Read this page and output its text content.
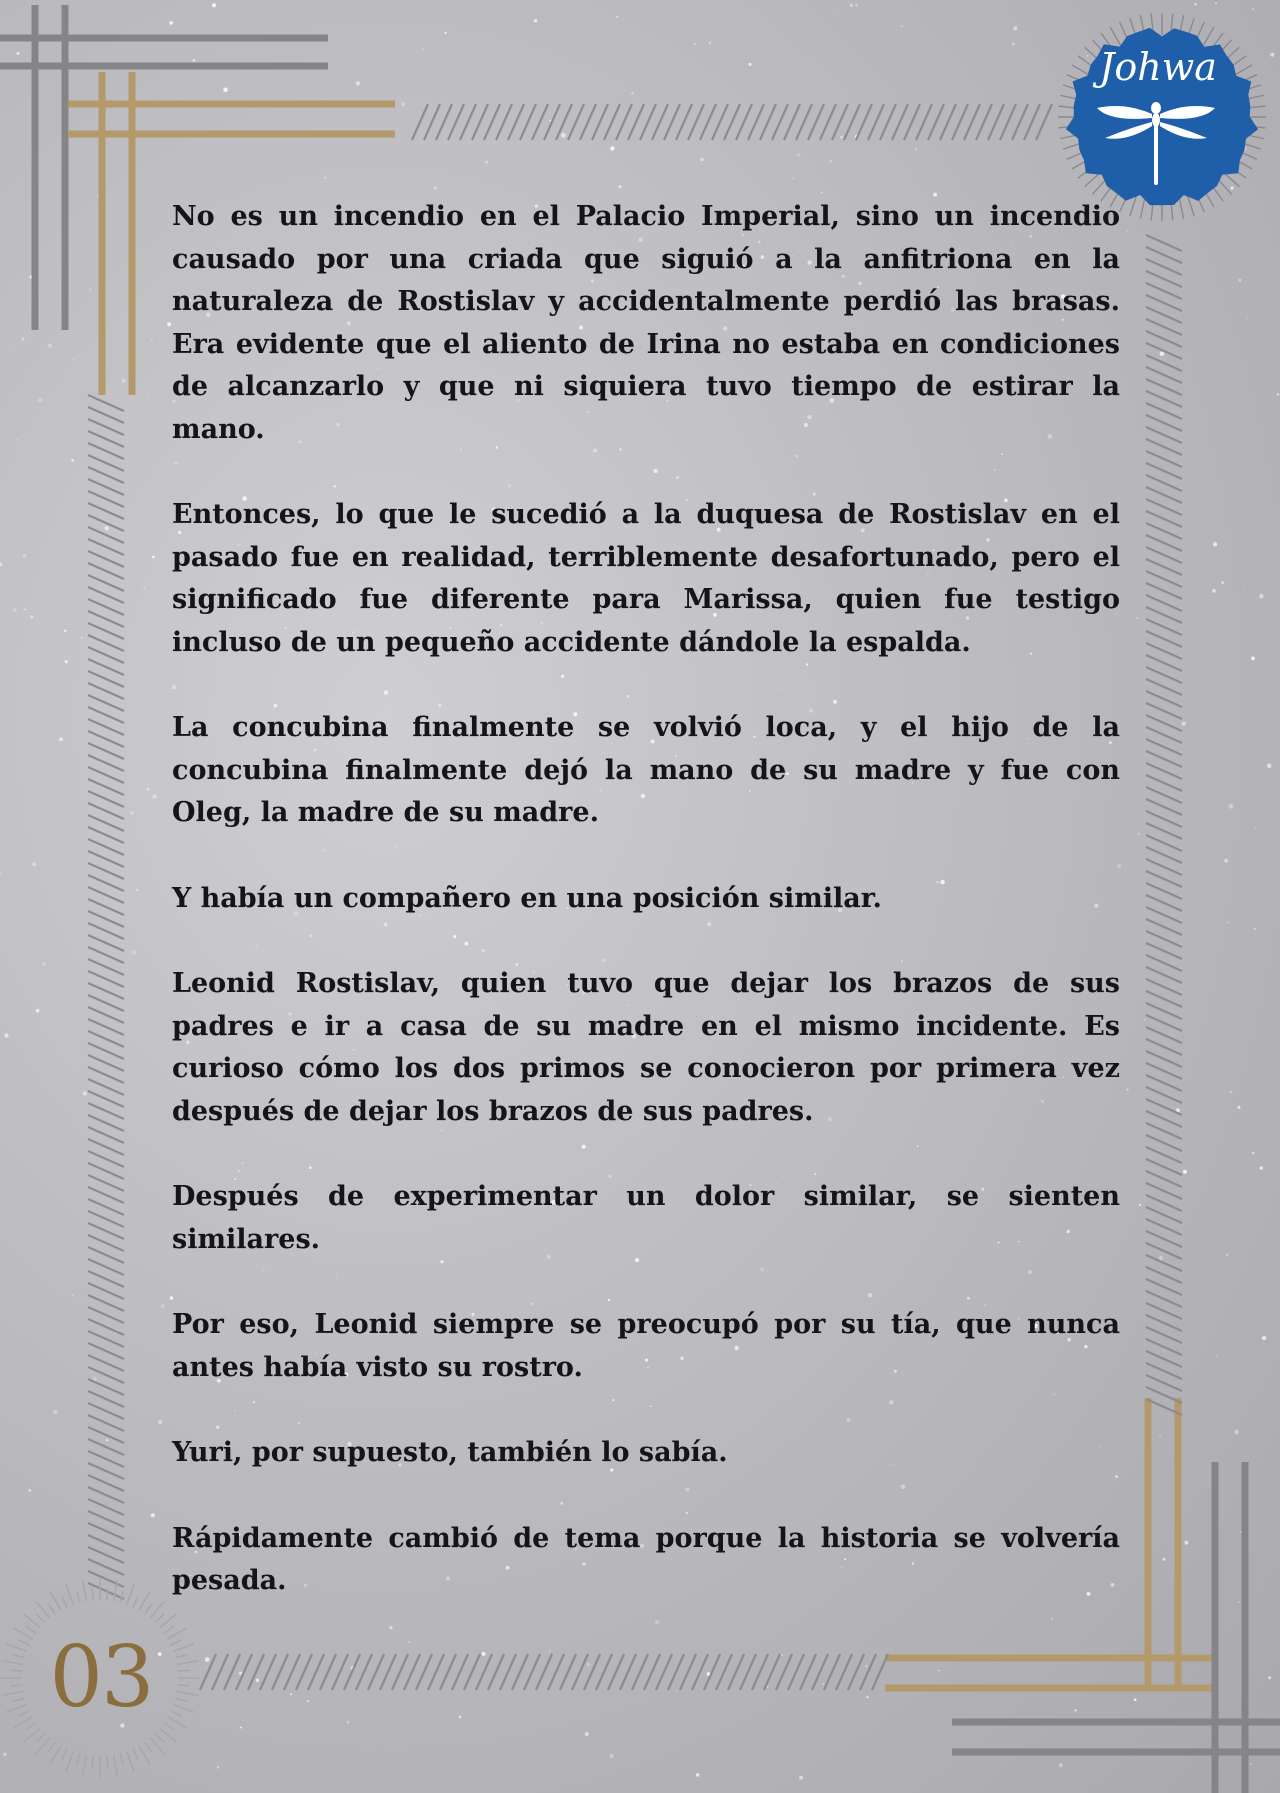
Johwa

No es un incendio en el Palacio Imperial, sino un incendio causado por una criada que siguió a la anfitriona en la naturaleza de Rostislav y accidentalmente perdió las brasas. Era evidente que el aliento de Irina no estaba en condiciones de alcanzarlo y que ni siquiera tuvo tiempo de estirar la mano.

Entonces, lo que le sucedió a la duquesa de Rostislav en el pasado fue en realidad, terriblemente desafortunado, pero el significado fue diferente para Marissa, quien fue testigo incluso de un pequeño accidente dándole la espalda.

La concubina finalmente se volvió loca, y el hijo de la concubina finalmente dejó la mano de su madre y fue con Oleg, la madre de su madre.

Y había un compañero en una posición similar.

Leonid Rostislav, quien tuvo que dejar los brazos de sus padres e ir a casa de su madre en el mismo incidente. Es curioso cómo los dos primos se conocieron por primera vez después de dejar los brazos de sus padres.

Después de experimentar un dolor similar, se sienten similares.

Por eso, Leonid siempre se preocupó por su tía, que nunca antes había visto su rostro.

Yuri, por supuesto, también lo sabía.

Rápidamente cambió de tema porque la historia se volvería pesada.

03
